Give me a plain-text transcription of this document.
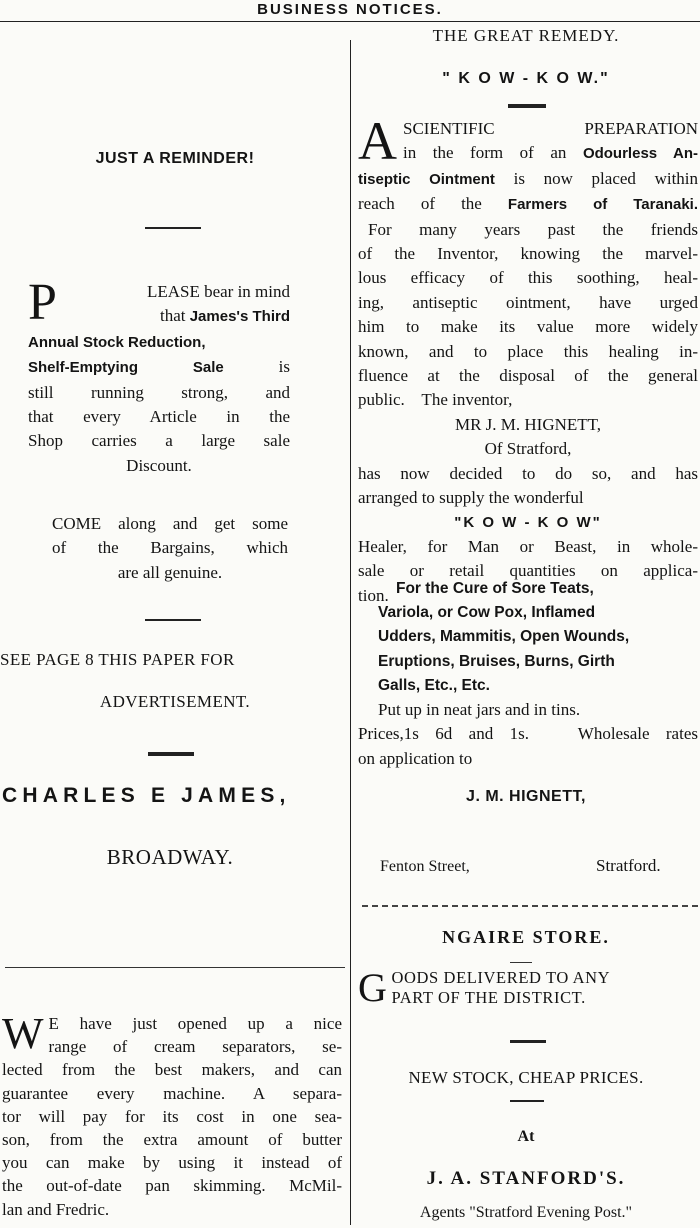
BUSINESS NOTICES.
JUST A REMINDER!
P	LEASE bear in mind
that James's Third
Annual Stock Reduction,
Shelf-Emptying Sale	is
still running strong, and
that every Article in the
Shop carries a large sale
Discount.
COME along and get some
of the Bargains, which
are all genuine.
SEE PAGE 8 THIS PAPER FOR
ADVERTISEMENT.
CHARLES E JAMES,
BROADWAY.
W E have just opened up a nice
range of cream separators, se-
lected from the best makers, and can
guarantee every machine. A separa-
tor will pay for its cost in one sea-
son, from the extra amount of butter
you can make by using it instead of
the out-of-date pan skimming. McMil-
lan and Fredric.
THE GREAT REMEDY.
" K O W - K O W."
A SCIENTIFIC PREPARATION
in the form of an Odourless An-
tiseptic Ointment is now placed within
reach of the Farmers of Taranaki.
For many years past the friends
of the Inventor, knowing the marvel-
lous efficacy of this soothing, heal-
ing, antiseptic ointment, have urged
him to make its value more widely
known, and to place this healing in-
fluence at the disposal of the general
public.    The inventor,
MR J. M. HIGNETT,
Of Stratford,
has now decided to do so, and has
arranged to supply the wonderful
"K O W - K O W"
Healer, for Man or Beast, in whole-
sale or retail quantities on applica-
tion. For the Cure of Sore Teats,
Variola, or Cow Pox, Inflamed
Udders, Mammitis, Open Wounds,
Eruptions, Bruises, Burns, Girth
Galls, Etc., Etc.
Put up in neat jars and in tins.
Prices,1s 6d and 1s.   Wholesale rates
on application to
J. M. HIGNETT,
Fenton Street,	Stratford.
NGAIRE STORE.
G OODS DELIVERED TO ANY
PART OF THE DISTRICT.
NEW STOCK, CHEAP PRICES.
At
J. A. STANFORD'S.
Agents "Stratford Evening Post."
